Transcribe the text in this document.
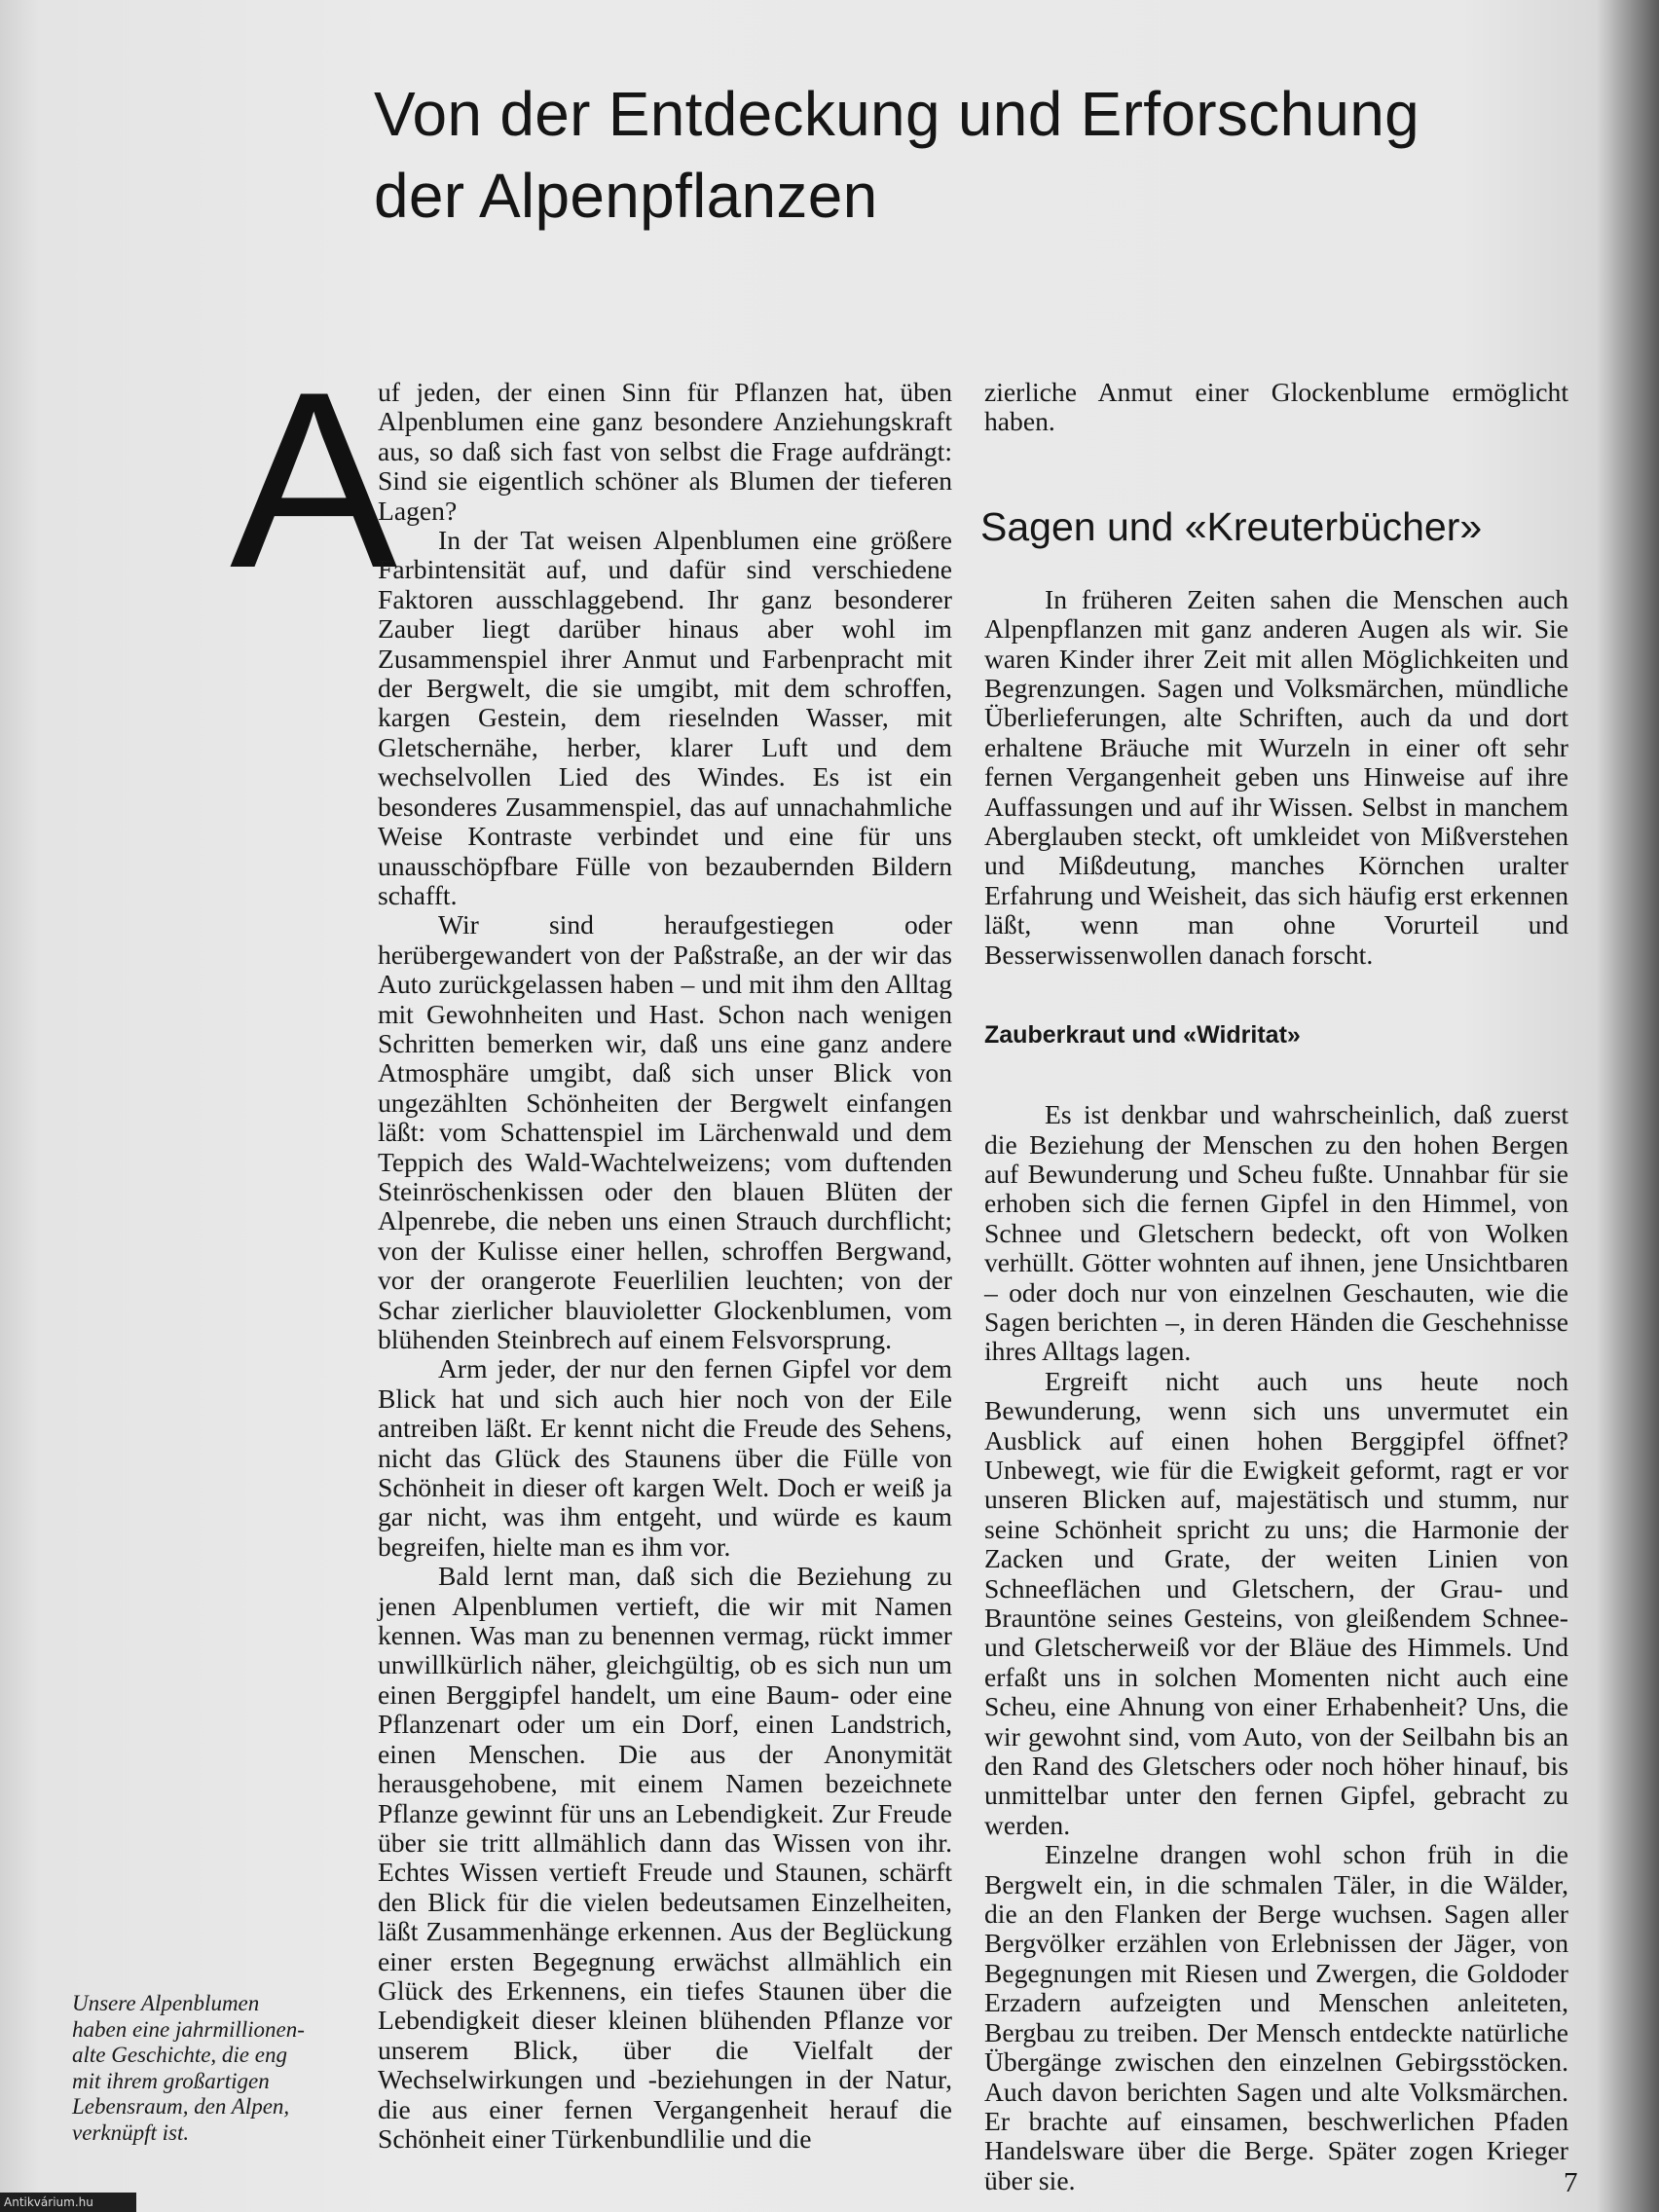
Von der Entdeckung und Erforschung
der Alpenpflanzen
A

uf jeden, der einen Sinn für Pflanzen hat, üben Alpenblumen eine ganz besondere Anziehungskraft aus, so daß sich fast von selbst die Frage aufdrängt: Sind sie eigentlich schöner als Blumen der tieferen Lagen?

In der Tat weisen Alpenblumen eine größere Farbintensität auf, und dafür sind verschiedene Faktoren ausschlaggebend. Ihr ganz besonderer Zauber liegt darüber hinaus aber wohl im Zusammenspiel ihrer Anmut und Farbenpracht mit der Bergwelt, die sie umgibt, mit dem schroffen, kargen Gestein, dem rieselnden Wasser, mit Gletschernähe, herber, klarer Luft und dem wechselvollen Lied des Windes. Es ist ein besonderes Zusammenspiel, das auf unnachahmliche Weise Kontraste verbindet und eine für uns unausschöpfbare Fülle von bezaubernden Bildern schafft.

Wir sind heraufgestiegen oder herübergewandert von der Paßstraße, an der wir das Auto zurückgelassen haben – und mit ihm den Alltag mit Gewohnheiten und Hast. Schon nach wenigen Schritten bemerken wir, daß uns eine ganz andere Atmosphäre umgibt, daß sich unser Blick von ungezählten Schönheiten der Bergwelt einfangen läßt: vom Schattenspiel im Lärchenwald und dem Teppich des Wald-Wachtelweizens; vom duftenden Steinröschenkissen oder den blauen Blüten der Alpenrebe, die neben uns einen Strauch durchflicht; von der Kulisse einer hellen, schroffen Bergwand, vor der orangerote Feuerlilien leuchten; von der Schar zierlicher blauvioletter Glockenblumen, vom blühenden Steinbrech auf einem Felsvorsprung.

Arm jeder, der nur den fernen Gipfel vor dem Blick hat und sich auch hier noch von der Eile antreiben läßt. Er kennt nicht die Freude des Sehens, nicht das Glück des Staunens über die Fülle von Schönheit in dieser oft kargen Welt. Doch er weiß ja gar nicht, was ihm entgeht, und würde es kaum begreifen, hielte man es ihm vor.

Bald lernt man, daß sich die Beziehung zu jenen Alpenblumen vertieft, die wir mit Namen kennen. Was man zu benennen vermag, rückt immer unwillkürlich näher, gleichgültig, ob es sich nun um einen Berggipfel handelt, um eine Baum- oder eine Pflanzenart oder um ein Dorf, einen Landstrich, einen Menschen. Die aus der Anonymität herausgehobene, mit einem Namen bezeichnete Pflanze gewinnt für uns an Lebendigkeit. Zur Freude über sie tritt allmählich dann das Wissen von ihr. Echtes Wissen vertieft Freude und Staunen, schärft den Blick für die vielen bedeutsamen Einzelheiten, läßt Zusammenhänge erkennen. Aus der Beglückung einer ersten Begegnung erwächst allmählich ein Glück des Erkennens, ein tiefes Staunen über die Lebendigkeit dieser kleinen blühenden Pflanze vor unserem Blick, über die Vielfalt der Wechselwirkungen und -beziehungen in der Natur, die aus einer fernen Vergangenheit herauf die Schönheit einer Türkenbundlilie und die

zierliche Anmut einer Glockenblume ermöglicht haben.

Sagen und «Kreuterbücher»

In früheren Zeiten sahen die Menschen auch Alpenpflanzen mit ganz anderen Augen als wir. Sie waren Kinder ihrer Zeit mit allen Möglichkeiten und Begrenzungen. Sagen und Volksmärchen, mündliche Überlieferungen, alte Schriften, auch da und dort erhaltene Bräuche mit Wurzeln in einer oft sehr fernen Vergangenheit geben uns Hinweise auf ihre Auffassungen und auf ihr Wissen. Selbst in manchem Aberglauben steckt, oft umkleidet von Mißverstehen und Mißdeutung, manches Körnchen uralter Erfahrung und Weisheit, das sich häufig erst erkennen läßt, wenn man ohne Vorurteil und Besserwissenwollen danach forscht.

Zauberkraut und «Widritat»

Es ist denkbar und wahrscheinlich, daß zuerst die Beziehung der Menschen zu den hohen Bergen auf Bewunderung und Scheu fußte. Unnahbar für sie erhoben sich die fernen Gipfel in den Himmel, von Schnee und Gletschern bedeckt, oft von Wolken verhüllt. Götter wohnten auf ihnen, jene Unsichtbaren – oder doch nur von einzelnen Geschauten, wie die Sagen berichten –, in deren Händen die Geschehnisse ihres Alltags lagen.

Ergreift nicht auch uns heute noch Bewunderung, wenn sich uns unvermutet ein Ausblick auf einen hohen Berggipfel öffnet? Unbewegt, wie für die Ewigkeit geformt, ragt er vor unseren Blicken auf, majestätisch und stumm, nur seine Schönheit spricht zu uns; die Harmonie der Zacken und Grate, der weiten Linien von Schneeflächen und Gletschern, der Grau- und Brauntöne seines Gesteins, von gleißendem Schnee- und Gletscherweiß vor der Bläue des Himmels. Und erfaßt uns in solchen Momenten nicht auch eine Scheu, eine Ahnung von einer Erhabenheit? Uns, die wir gewohnt sind, vom Auto, von der Seilbahn bis an den Rand des Gletschers oder noch höher hinauf, bis unmittelbar unter den fernen Gipfel, gebracht zu werden.

Einzelne drangen wohl schon früh in die Bergwelt ein, in die schmalen Täler, in die Wälder, die an den Flanken der Berge wuchsen. Sagen aller Bergvölker erzählen von Erlebnissen der Jäger, von Begegnungen mit Riesen und Zwergen, die Goldoder Erzadern aufzeigten und Menschen anleiteten, Bergbau zu treiben. Der Mensch entdeckte natürliche Übergänge zwischen den einzelnen Gebirgsstöcken. Auch davon berichten Sagen und alte Volksmärchen. Er brachte auf einsamen, beschwerlichen Pfaden Handelsware über die Berge. Später zogen Krieger über sie.

Unsere Alpenblumen
haben eine jahrmillionen-
alte Geschichte, die eng
mit ihrem großartigen
Lebensraum, den Alpen,
verknüpft ist.
7
Antikvárium.hu
